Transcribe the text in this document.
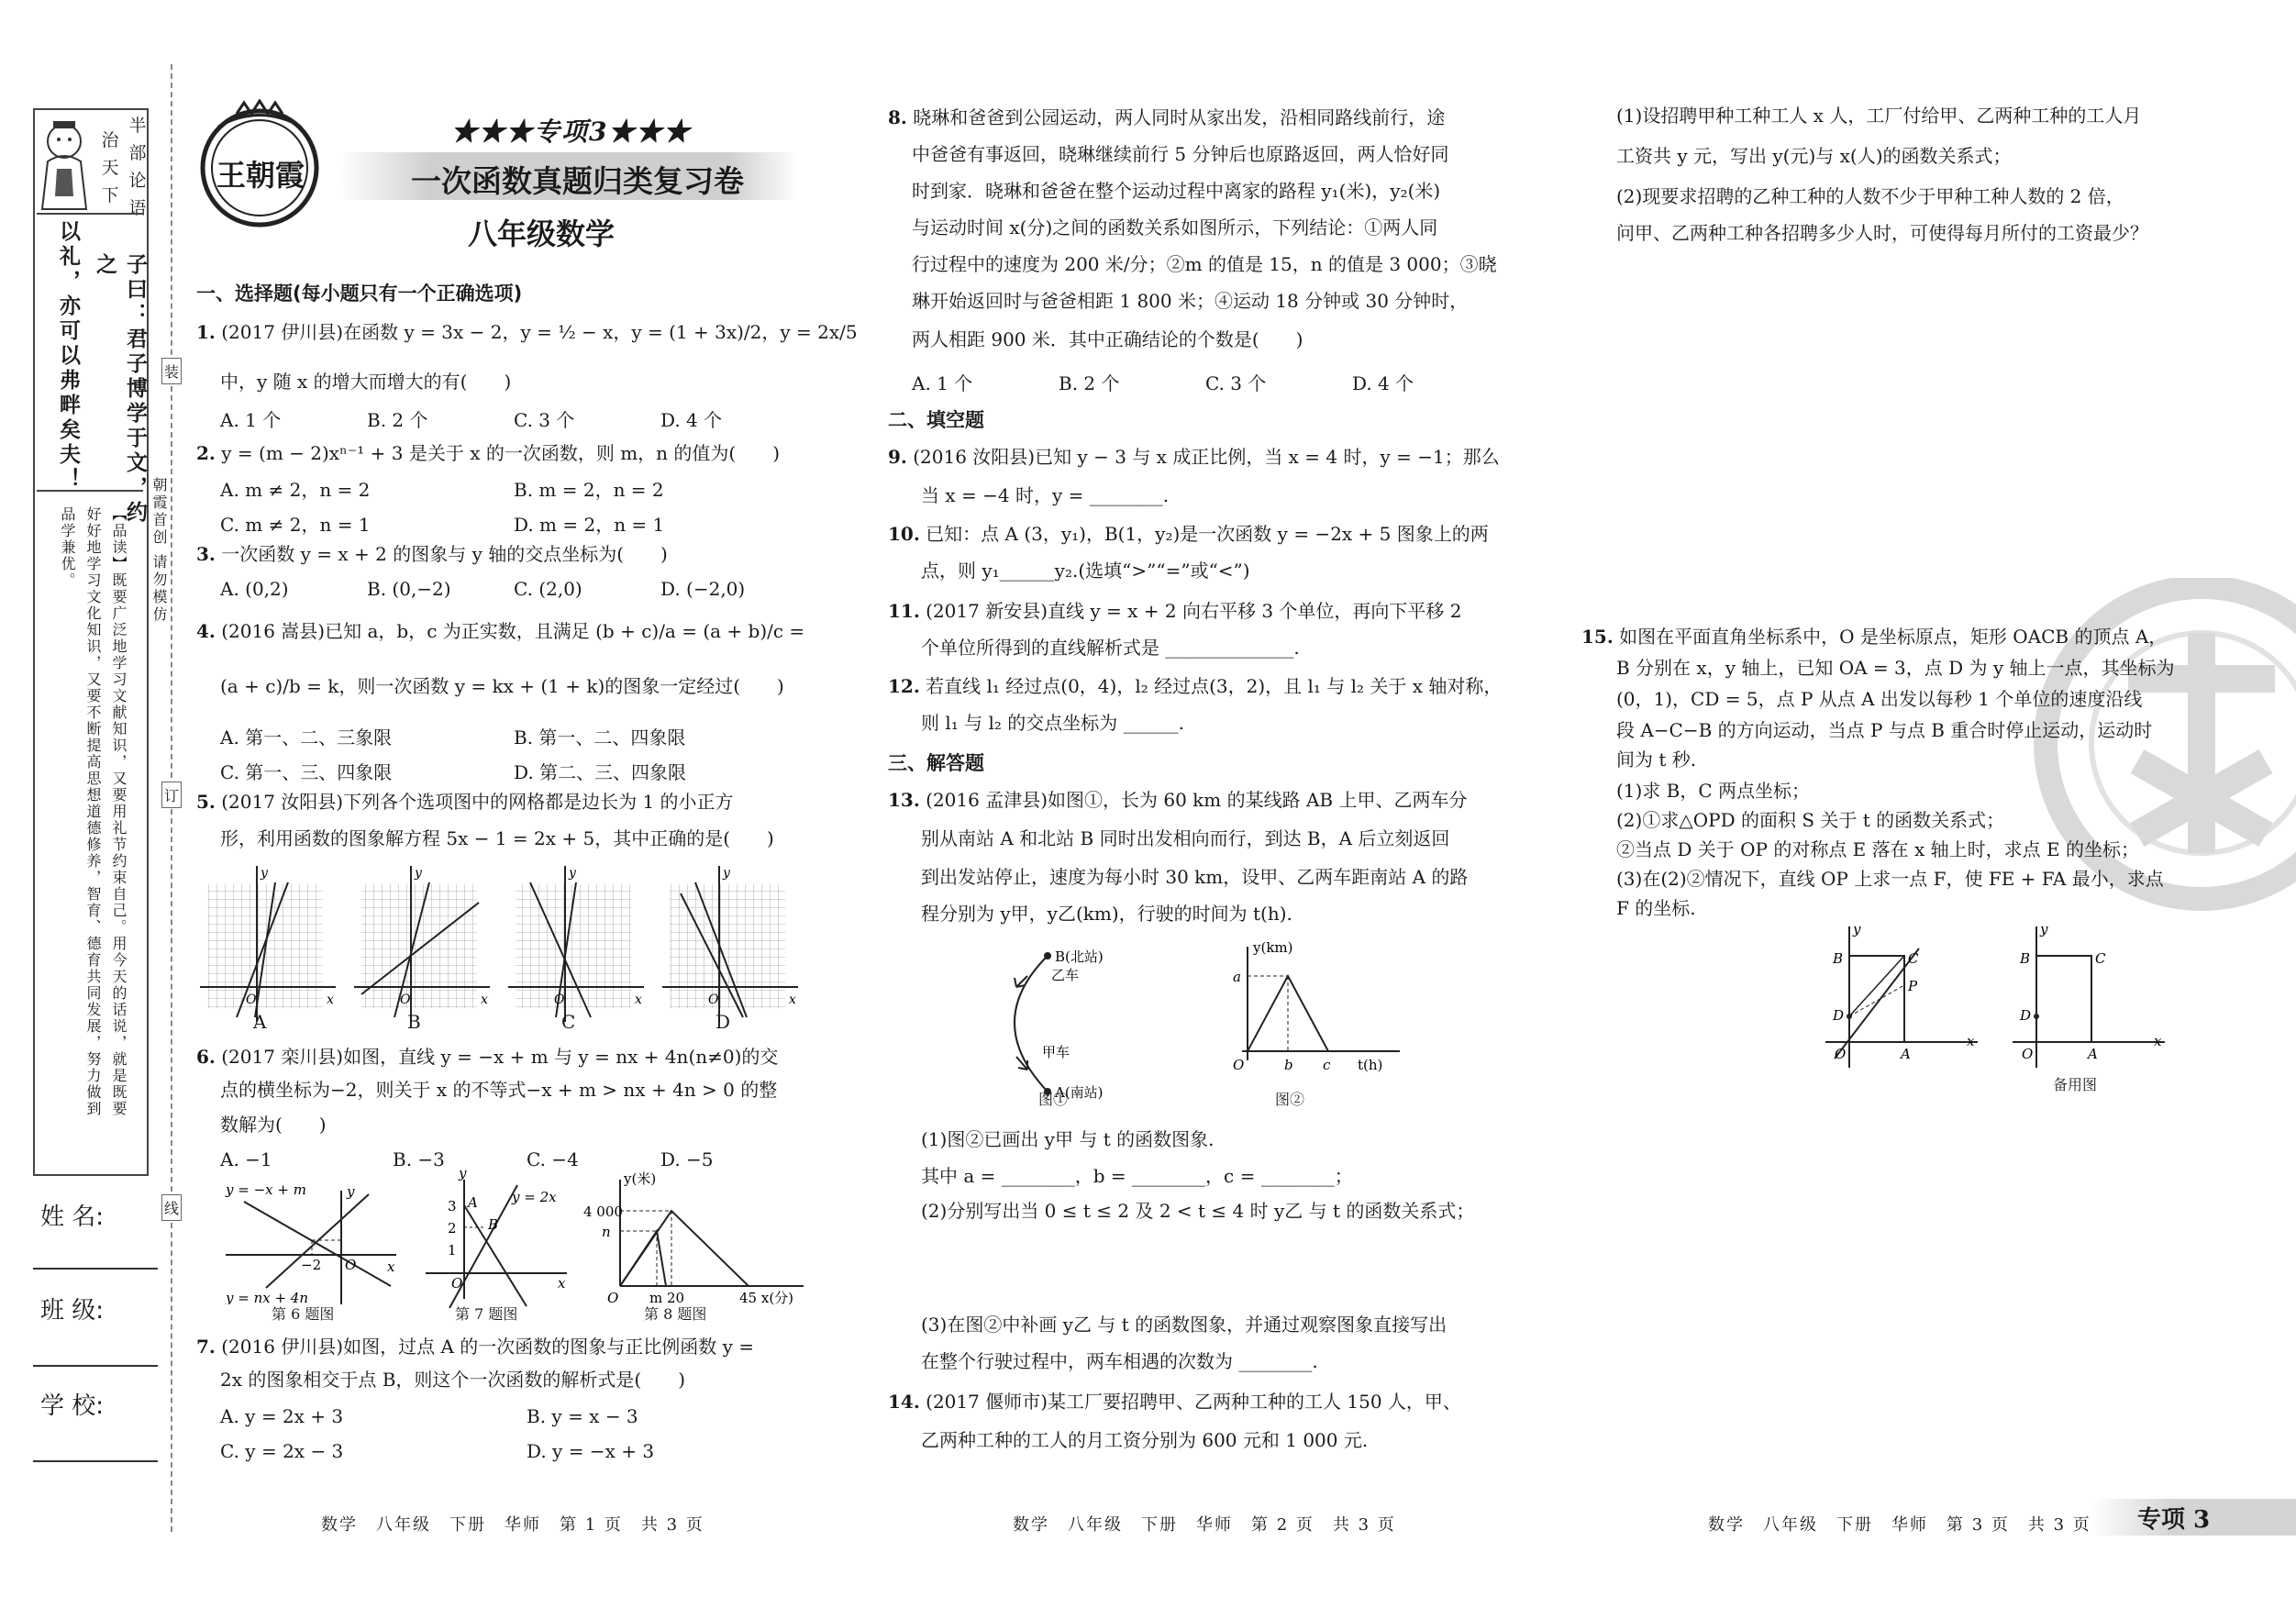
半
部
论
语
治
天
下
子曰：君子博学于文，约之
以礼，亦可以弗畔矣夫！
【品读】既要广泛地学习文献知识，又要用礼节约束自己。用今天的话说，就是既要
好好地学习文化知识，又要不断提高思想道德修养，智育、德育共同发展，努力做到
品学兼优。	朝霞首创 请勿模仿
装
订
线
姓 名:
班 级:
学 校:
王朝霞
★★★专项3★★★
一次函数真题归类复习卷
八年级数学
一、选择题(每小题只有一个正确选项)
1. (2017 伊川县)在函数 y = 3x − 2，y = ½ − x，y = (1 + 3x)/2，y = 2x/5
中，y 随 x 的增大而增大的有(　　)
A. 1 个	B. 2 个	C. 3 个	D. 4 个
2. y = (m − 2)xⁿ⁻¹ + 3 是关于 x 的一次函数，则 m，n 的值为(　　)
A. m ≠ 2，n = 2	B. m = 2，n = 2
C. m ≠ 2，n = 1	D. m = 2，n = 1
3. 一次函数 y = x + 2 的图象与 y 轴的交点坐标为(　　)
A. (0,2)	B. (0,−2)	C. (2,0)	D. (−2,0)
4. (2016 嵩县)已知 a，b，c 为正实数，且满足 (b + c)/a = (a + b)/c =
(a + c)/b = k，则一次函数 y = kx + (1 + k)的图象一定经过(　　)
A. 第一、二、三象限	B. 第一、二、四象限
C. 第一、三、四象限	D. 第二、三、四象限
5. (2017 汝阳县)下列各个选项图中的网格都是边长为 1 的小正方
形，利用函数的图象解方程 5x − 1 = 2x + 5，其中正确的是(　　)
O	x
y
O	x
y
O	x
y
O	x
y
A	B	C	D
6. (2017 栾川县)如图，直线 y = −x + m 与 y = nx + 4n(n≠0)的交
点的横坐标为−2，则关于 x 的不等式−x + m > nx + 4n > 0 的整
数解为(　　)
A. −1	B. −3	C. −4	D. −5
y = −x + m
y = nx + 4n
−2 O x
y
第 6 题图
y = 2x
A
B
3
2
1
O	x
y
第 7 题图
y(米)
4 000
n
O m 20	45 x(分)
第 8 题图
7. (2016 伊川县)如图，过点 A 的一次函数的图象与正比例函数 y =
2x 的图象相交于点 B，则这个一次函数的解析式是(　　)
A. y = 2x + 3	B. y = x − 3
C. y = 2x − 3	D. y = −x + 3
数学　八年级　下册　华师　第 1 页　共 3 页
8. 晓琳和爸爸到公园运动，两人同时从家出发，沿相同路线前行，途
中爸爸有事返回，晓琳继续前行 5 分钟后也原路返回，两人恰好同
时到家．晓琳和爸爸在整个运动过程中离家的路程 y₁(米)，y₂(米)
与运动时间 x(分)之间的函数关系如图所示，下列结论：①两人同
行过程中的速度为 200 米/分；②m 的值是 15，n 的值是 3 000；③晓
琳开始返回时与爸爸相距 1 800 米；④运动 18 分钟或 30 分钟时，
两人相距 900 米．其中正确结论的个数是(　　)
A. 1 个	B. 2 个	C. 3 个	D. 4 个
二、填空题
9. (2016 汝阳县)已知 y − 3 与 x 成正比例，当 x = 4 时，y = −1；那么
当 x = −4 时，y = ________.
10. 已知：点 A (3，y₁)，B(1，y₂)是一次函数 y = −2x + 5 图象上的两
点，则 y₁______y₂.(选填“>”“=”或“<”)
11. (2017 新安县)直线 y = x + 2 向右平移 3 个单位，再向下平移 2
个单位所得到的直线解析式是 ______________.
12. 若直线 l₁ 经过点(0，4)，l₂ 经过点(3，2)，且 l₁ 与 l₂ 关于 x 轴对称，
则 l₁ 与 l₂ 的交点坐标为 ______.
三、解答题
13. (2016 孟津县)如图①，长为 60 km 的某线路 AB 上甲、乙两车分
别从南站 A 和北站 B 同时出发相向而行，到达 B，A 后立刻返回
到出发站停止，速度为每小时 30 km，设甲、乙两车距南站 A 的路
程分别为 y甲，y乙(km)，行驶的时间为 t(h).
B(北站)
乙车
甲车
A(南站)
图①
y(km)
a
O	b c t(h)
图②
(1)图②已画出 y甲 与 t 的函数图象.
其中 a = ________，b = ________，c = ________；
(2)分别写出当 0 ≤ t ≤ 2 及 2 < t ≤ 4 时 y乙 与 t 的函数关系式；
(3)在图②中补画 y乙 与 t 的函数图象，并通过观察图象直接写出
在整个行驶过程中，两车相遇的次数为 ________.
14. (2017 偃师市)某工厂要招聘甲、乙两种工种的工人 150 人，甲、
乙两种工种的工人的月工资分别为 600 元和 1 000 元.
数学　八年级　下册　华师　第 2 页　共 3 页
(1)设招聘甲种工种工人 x 人，工厂付给甲、乙两种工种的工人月
工资共 y 元，写出 y(元)与 x(人)的函数关系式；
(2)现要求招聘的乙种工种的人数不少于甲种工种人数的 2 倍，
问甲、乙两种工种各招聘多少人时，可使得每月所付的工资最少？
15. 如图在平面直角坐标系中，O 是坐标原点，矩形 OACB 的顶点 A，
B 分别在 x，y 轴上，已知 OA = 3，点 D 为 y 轴上一点，其坐标为
(0，1)，CD = 5，点 P 从点 A 出发以每秒 1 个单位的速度沿线
段 A−C−B 的方向运动，当点 P 与点 B 重合时停止运动，运动时
间为 t 秒.
(1)求 B，C 两点坐标；
(2)①求△OPD 的面积 S 关于 t 的函数关系式；
②当点 D 关于 OP 的对称点 E 落在 x 轴上时，求点 E 的坐标；
(3)在(2)②情况下，直线 OP 上求一点 F，使 FE + FA 最小，求点
F 的坐标.
y
B	C
P
D
O	A
x
y
B	C
D
O	A
x
备用图
数学　八年级　下册　华师　第 3 页　共 3 页 专项 3
